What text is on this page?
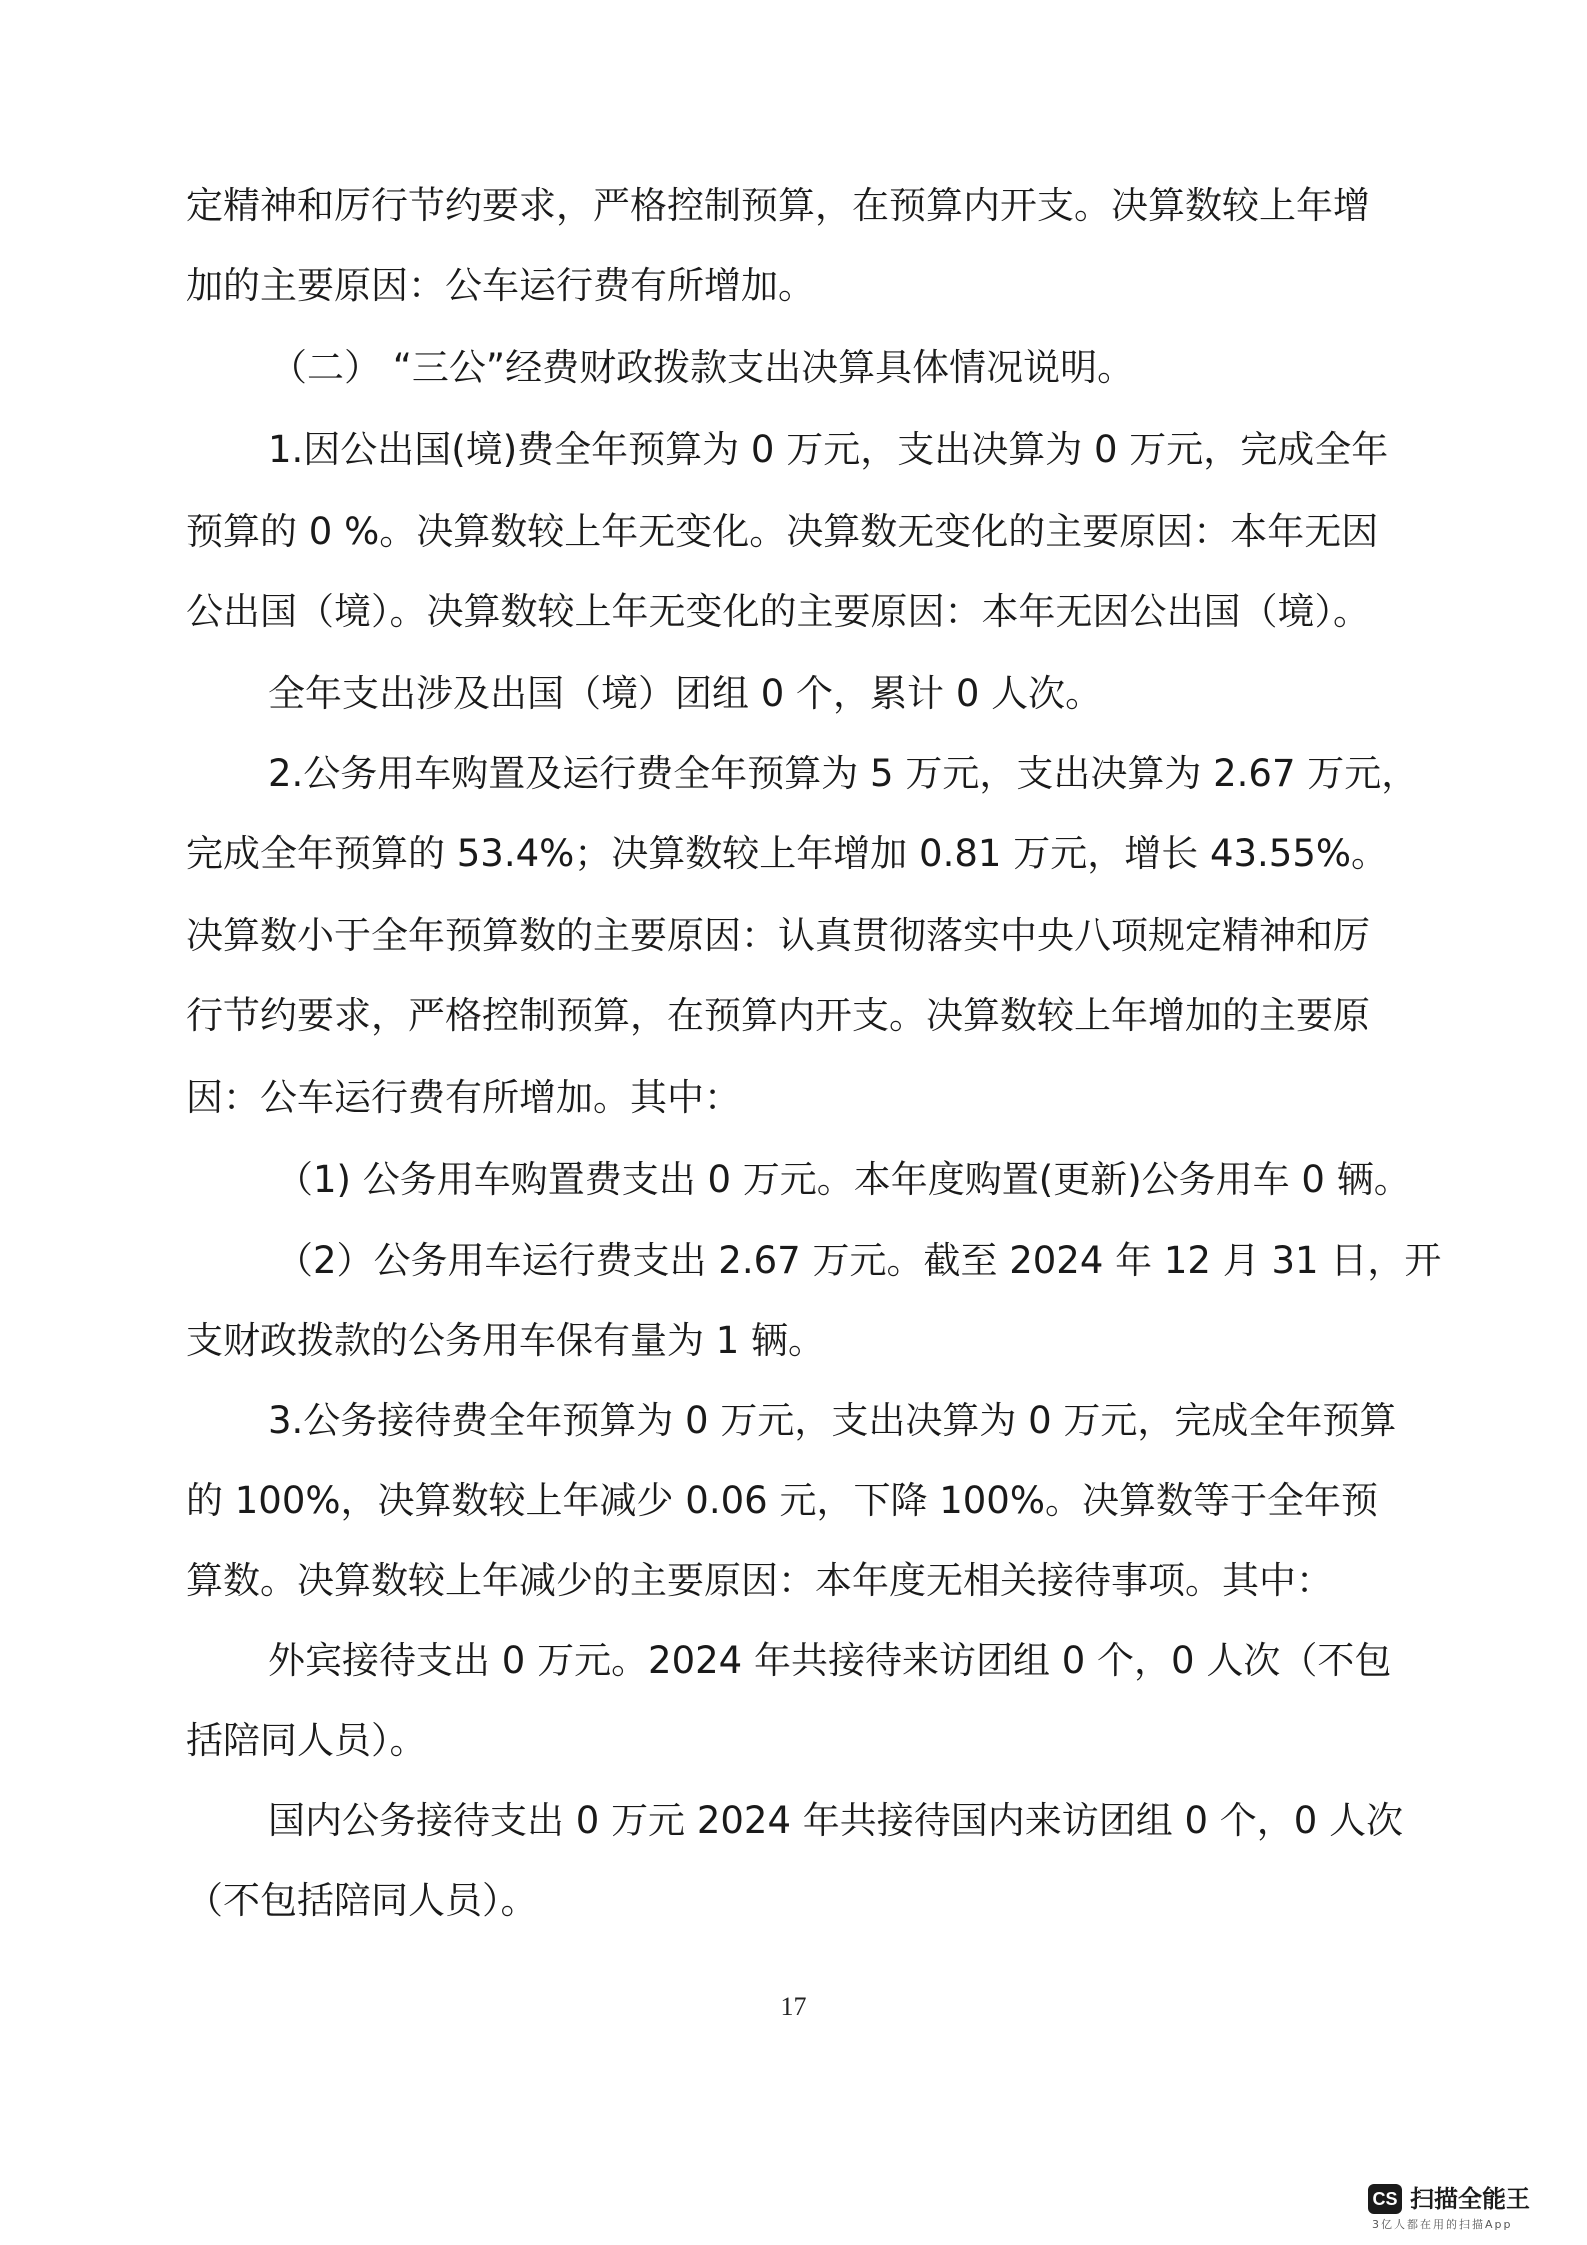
定精神和厉行节约要求，严格控制预算，在预算内开支。决算数较上年增
加的主要原因：公车运行费有所增加。
（二） “三公”经费财政拨款支出决算具体情况说明。
1.因公出国(境)费全年预算为 0 万元，支出决算为 0 万元，完成全年
预算的 0 %。决算数较上年无变化。决算数无变化的主要原因：本年无因
公出国（境）。决算数较上年无变化的主要原因：本年无因公出国（境）。
全年支出涉及出国（境）团组 0 个，累计 0 人次。
2.公务用车购置及运行费全年预算为 5 万元，支出决算为 2.67 万元，
完成全年预算的 53.4%；决算数较上年增加 0.81 万元，增长 43.55%。
决算数小于全年预算数的主要原因：认真贯彻落实中央八项规定精神和厉
行节约要求，严格控制预算，在预算内开支。决算数较上年增加的主要原
因：公车运行费有所增加。其中：
（1) 公务用车购置费支出 0 万元。本年度购置(更新)公务用车 0 辆。
（2）公务用车运行费支出 2.67 万元。截至 2024 年 12 月 31 日，开
支财政拨款的公务用车保有量为 1 辆。
3.公务接待费全年预算为 0 万元，支出决算为 0 万元，完成全年预算
的 100%，决算数较上年减少 0.06 元，下降 100%。决算数等于全年预
算数。决算数较上年减少的主要原因：本年度无相关接待事项。其中：
外宾接待支出 0 万元。2024 年共接待来访团组 0 个，0 人次（不包
括陪同人员）。
国内公务接待支出 0 万元 2024 年共接待国内来访团组 0 个，0 人次
（不包括陪同人员）。
17
CS 扫描全能王
3亿人都在用的扫描App
